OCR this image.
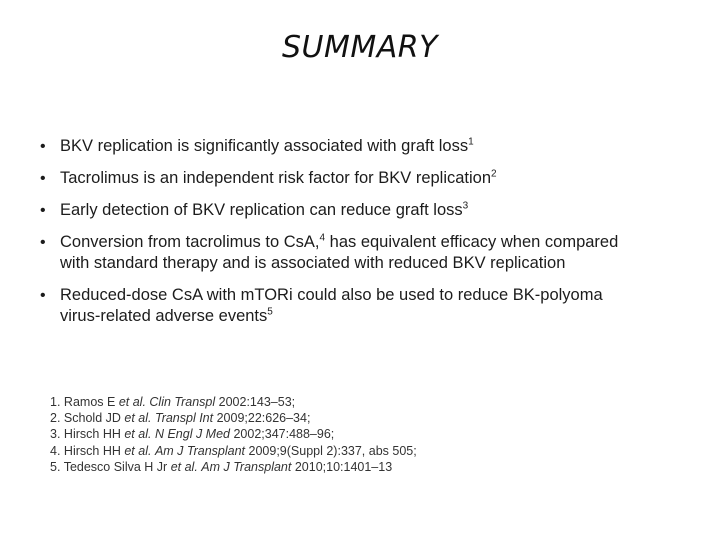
SUMMARY
• BKV replication is significantly associated with graft loss$^1$
• Tacrolimus is an independent risk factor for BKV replication$^2$
• Early detection of BKV replication can reduce graft loss$^3$
• Conversion from tacrolimus to CsA,$^4$ has equivalent efficacy when compared with standard therapy and is associated with reduced BKV replication
• Reduced-dose CsA with mTORi could also be used to reduce BK-polyoma virus-related adverse events$^5$
1. Ramos E et al. Clin Transpl 2002:143–53;
2. Schold JD et al. Transpl Int 2009;22:626–34;
3. Hirsch HH et al. N Engl J Med 2002;347:488–96;
4. Hirsch HH et al. Am J Transplant 2009;9(Suppl 2):337, abs 505;
5. Tedesco Silva H Jr et al. Am J Transplant 2010;10:1401–13
